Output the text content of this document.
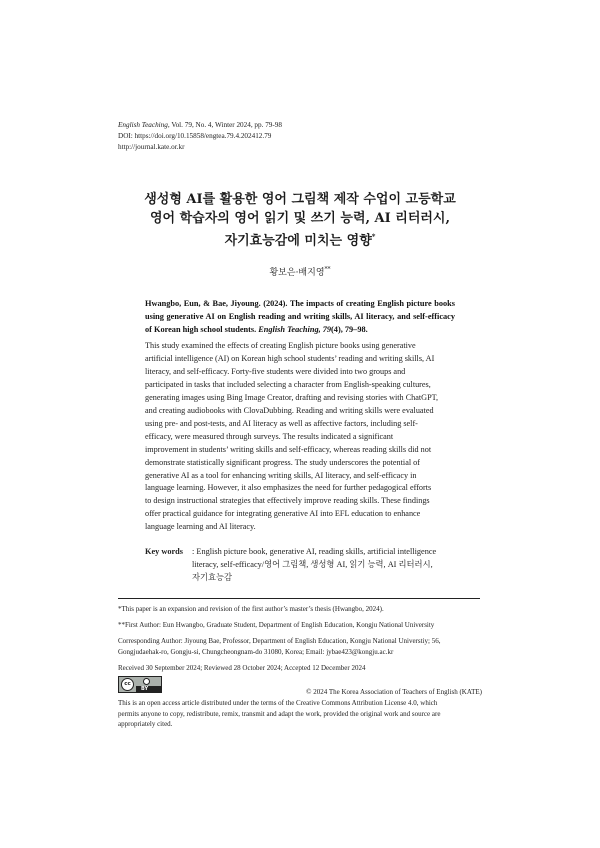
English Teaching, Vol. 79, No. 4, Winter 2024, pp. 79-98
DOI: https://doi.org/10.15858/engtea.79.4.202412.79
http://journal.kate.or.kr
생성형 AI를 활용한 영어 그림책 제작 수업이 고등학교
영어 학습자의 영어 읽기 및 쓰기 능력, AI 리터러시,
자기효능감에 미치는 영향*
황보은·배지영**
Hwangbo, Eun, & Bae, Jiyoung. (2024). The impacts of creating English picture books using generative AI on English reading and writing skills, AI literacy, and self-efficacy of Korean high school students. English Teaching, 79(4), 79–98.
This study examined the effects of creating English picture books using generative
artificial intelligence (AI) on Korean high school students’ reading and writing skills, AI
literacy, and self-efficacy. Forty-five students were divided into two groups and
participated in tasks that included selecting a character from English-speaking cultures,
generating images using Bing Image Creator, drafting and revising stories with ChatGPT,
and creating audiobooks with ClovaDubbing. Reading and writing skills were evaluated
using pre- and post-tests, and AI literacy as well as affective factors, including self-
efficacy, were measured through surveys. The results indicated a significant
improvement in students’ writing skills and self-efficacy, whereas reading skills did not
demonstrate statistically significant progress. The study underscores the potential of
generative AI as a tool for enhancing writing skills, AI literacy, and self-efficacy in
language learning. However, it also emphasizes the need for further pedagogical efforts
to design instructional strategies that effectively improve reading skills. These findings
offer practical guidance for integrating generative AI into EFL education to enhance
language learning and AI literacy.
Key words : English picture book, generative AI, reading skills, artificial intelligence
literacy, self-efficacy/영어 그림책, 생성형 AI, 읽기 능력, AI 리터러시,
자기효능감
*This paper is an expansion and revision of the first author’s master’s thesis (Hwangbo, 2024).
**First Author: Eun Hwangbo, Graduate Student, Department of English Education, Kongju National University
Corresponding Author: Jiyoung Bae, Professor, Department of English Education, Kongju National Universtiy; 56,
Gongjudaehak-ro, Gongju-si, Chungcheongnam-do 31080, Korea; Email: jybae423@kongju.ac.kr
Received 30 September 2024; Reviewed 28 October 2024; Accepted 12 December 2024
cc
BY	© 2024 The Korea Association of Teachers of English (KATE)
This is an open access article distributed under the terms of the Creative Commons Attribution License 4.0, which
permits anyone to copy, redistribute, remix, transmit and adapt the work, provided the original work and source are
appropriately cited.
